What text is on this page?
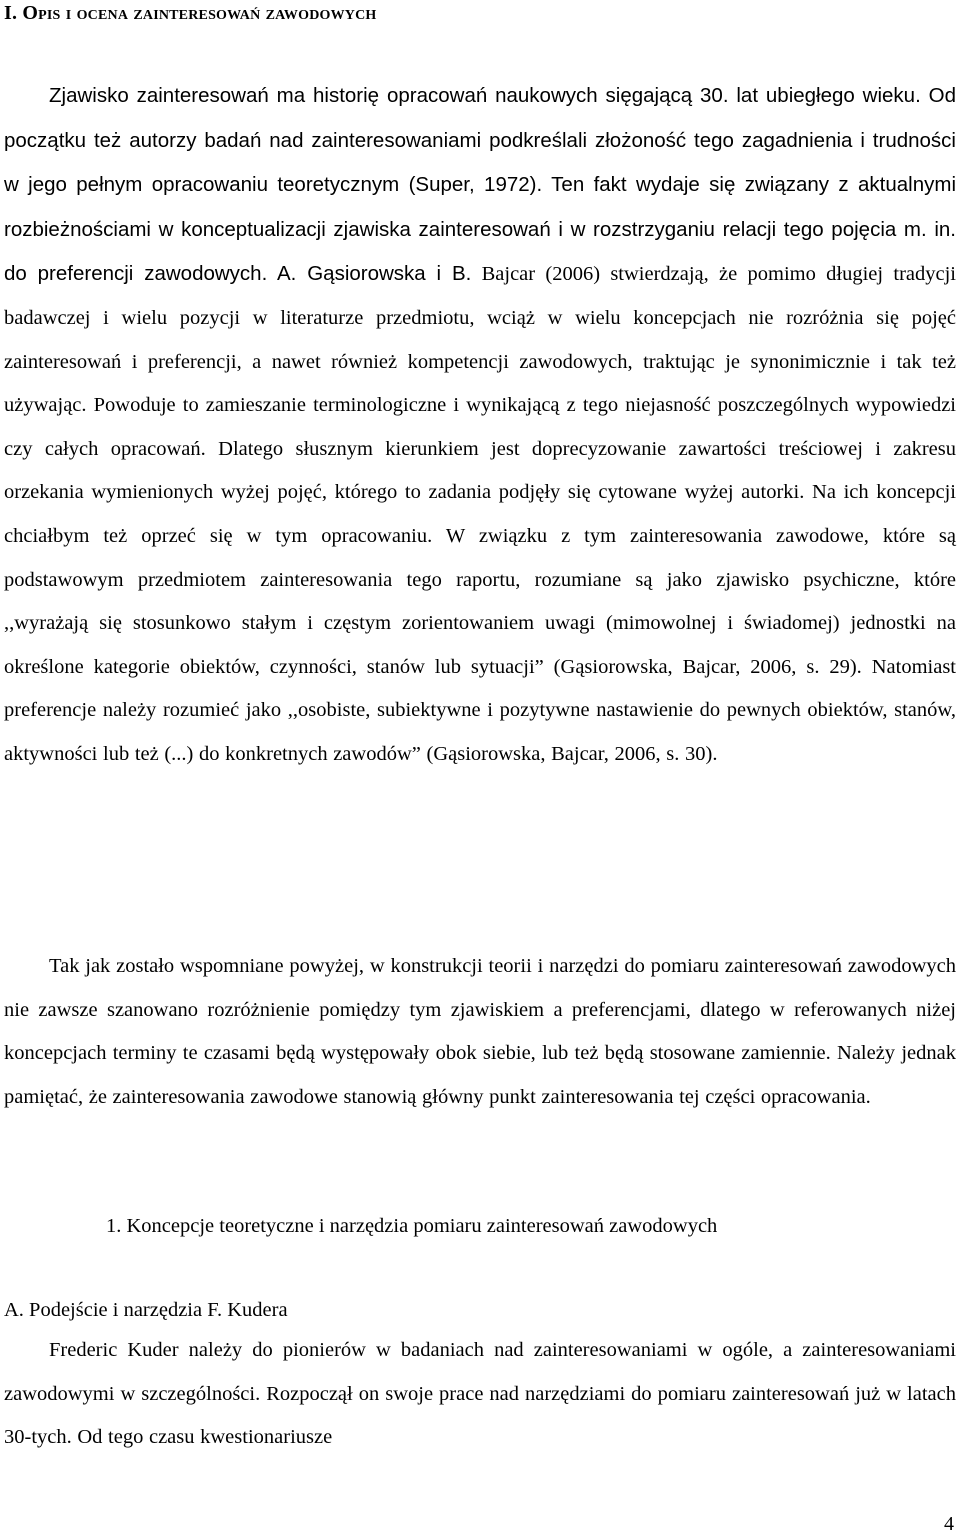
I. Opis i ocena zainteresowań zawodowych

Zjawisko zainteresowań ma historię opracowań naukowych sięgającą 30. lat ubiegłego wieku. Od początku też autorzy badań nad zainteresowaniami podkreślali złożoność tego zagadnienia i trudności w jego pełnym opracowaniu teoretycznym (Super, 1972). Ten fakt wydaje się związany z aktualnymi rozbieżnościami w konceptualizacji zjawiska zainteresowań i w rozstrzyganiu relacji tego pojęcia m. in. do preferencji zawodowych. A. Gąsiorowska i B. Bajcar (2006) stwierdzają, że pomimo długiej tradycji badawczej i wielu pozycji w literaturze przedmiotu, wciąż w wielu koncepcjach nie rozróżnia się pojęć zainteresowań i preferencji, a nawet również kompetencji zawodowych, traktując je synonimicznie i tak też używając. Powoduje to zamieszanie terminologiczne i wynikającą z tego niejasność poszczególnych wypowiedzi czy całych opracowań. Dlatego słusznym kierunkiem jest doprecyzowanie zawartości treściowej i zakresu orzekania wymienionych wyżej pojęć, którego to zadania podjęły się cytowane wyżej autorki. Na ich koncepcji chciałbym też oprzeć się w tym opracowaniu. W związku z tym zainteresowania zawodowe, które są podstawowym przedmiotem zainteresowania tego raportu, rozumiane są jako zjawisko psychiczne, które ,,wyrażają się stosunkowo stałym i częstym zorientowaniem uwagi (mimowolnej i świadomej) jednostki na określone kategorie obiektów, czynności, stanów lub sytuacji” (Gąsiorowska, Bajcar, 2006, s. 29). Natomiast preferencje należy rozumieć jako ,,osobiste, subiektywne i pozytywne nastawienie do pewnych obiektów, stanów, aktywności lub też (...) do konkretnych zawodów” (Gąsiorowska, Bajcar, 2006, s. 30).

Tak jak zostało wspomniane powyżej, w konstrukcji teorii i narzędzi do pomiaru zainteresowań zawodowych nie zawsze szanowano rozróżnienie pomiędzy tym zjawiskiem a preferencjami, dlatego w referowanych niżej koncepcjach terminy te czasami będą występowały obok siebie, lub też będą stosowane zamiennie. Należy jednak pamiętać, że zainteresowania zawodowe stanowią główny punkt zainteresowania tej części opracowania.

1. Koncepcje teoretyczne i narzędzia pomiaru zainteresowań zawodowych
A. Podejście i narzędzia F. Kudera

Frederic Kuder należy do pionierów w badaniach nad zainteresowaniami w ogóle, a zainteresowaniami zawodowymi w szczególności. Rozpoczął on swoje prace nad narzędziami do pomiaru zainteresowań już w latach 30-tych. Od tego czasu kwestionariusze

4
